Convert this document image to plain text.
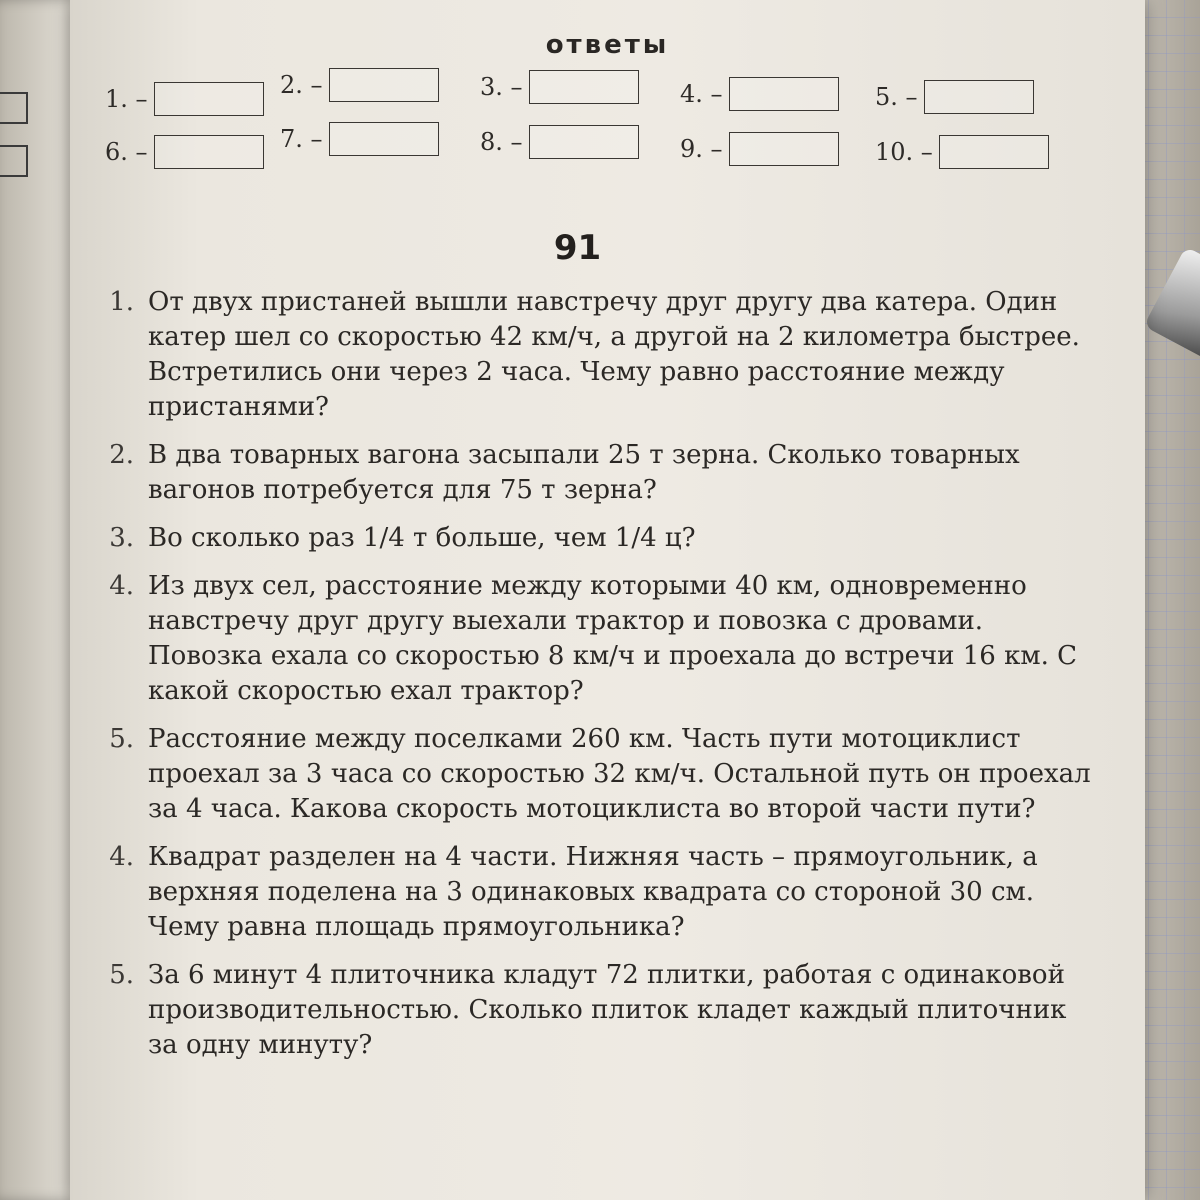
ответы
1. –	2. –	3. –	4. –	5. –
6. –	7. –	8. –	9. –	10. –
91
1. От двух пристаней вышли навстречу друг другу два катера. Один катер шел со скоростью 42 км/ч, а другой на 2 километра быстрее. Встретились они через 2 часа. Чему равно расстояние между пристанями?
2. В два товарных вагона засыпали 25 т зерна. Сколько товарных вагонов потребуется для 75 т зерна?
3. Во сколько раз 1/4 т больше, чем 1/4 ц?
4. Из двух сел, расстояние между которыми 40 км, одновременно навстречу друг другу выехали трактор и повозка с дровами. Повозка ехала со скоростью 8 км/ч и проехала до встречи 16 км. С какой скоростью ехал трактор?
5. Расстояние между поселками 260 км. Часть пути мотоциклист проехал за 3 часа со скоростью 32 км/ч. Остальной путь он проехал за 4 часа. Какова скорость мотоциклиста во второй части пути?
4. Квадрат разделен на 4 части. Нижняя часть – прямоугольник, а верхняя поделена на 3 одинаковых квадрата со стороной 30 см. Чему равна площадь прямоугольника?
5. За 6 минут 4 плиточника кладут 72 плитки, работая с одинаковой производительностью. Сколько плиток кладет каждый плиточник за одну минуту?
